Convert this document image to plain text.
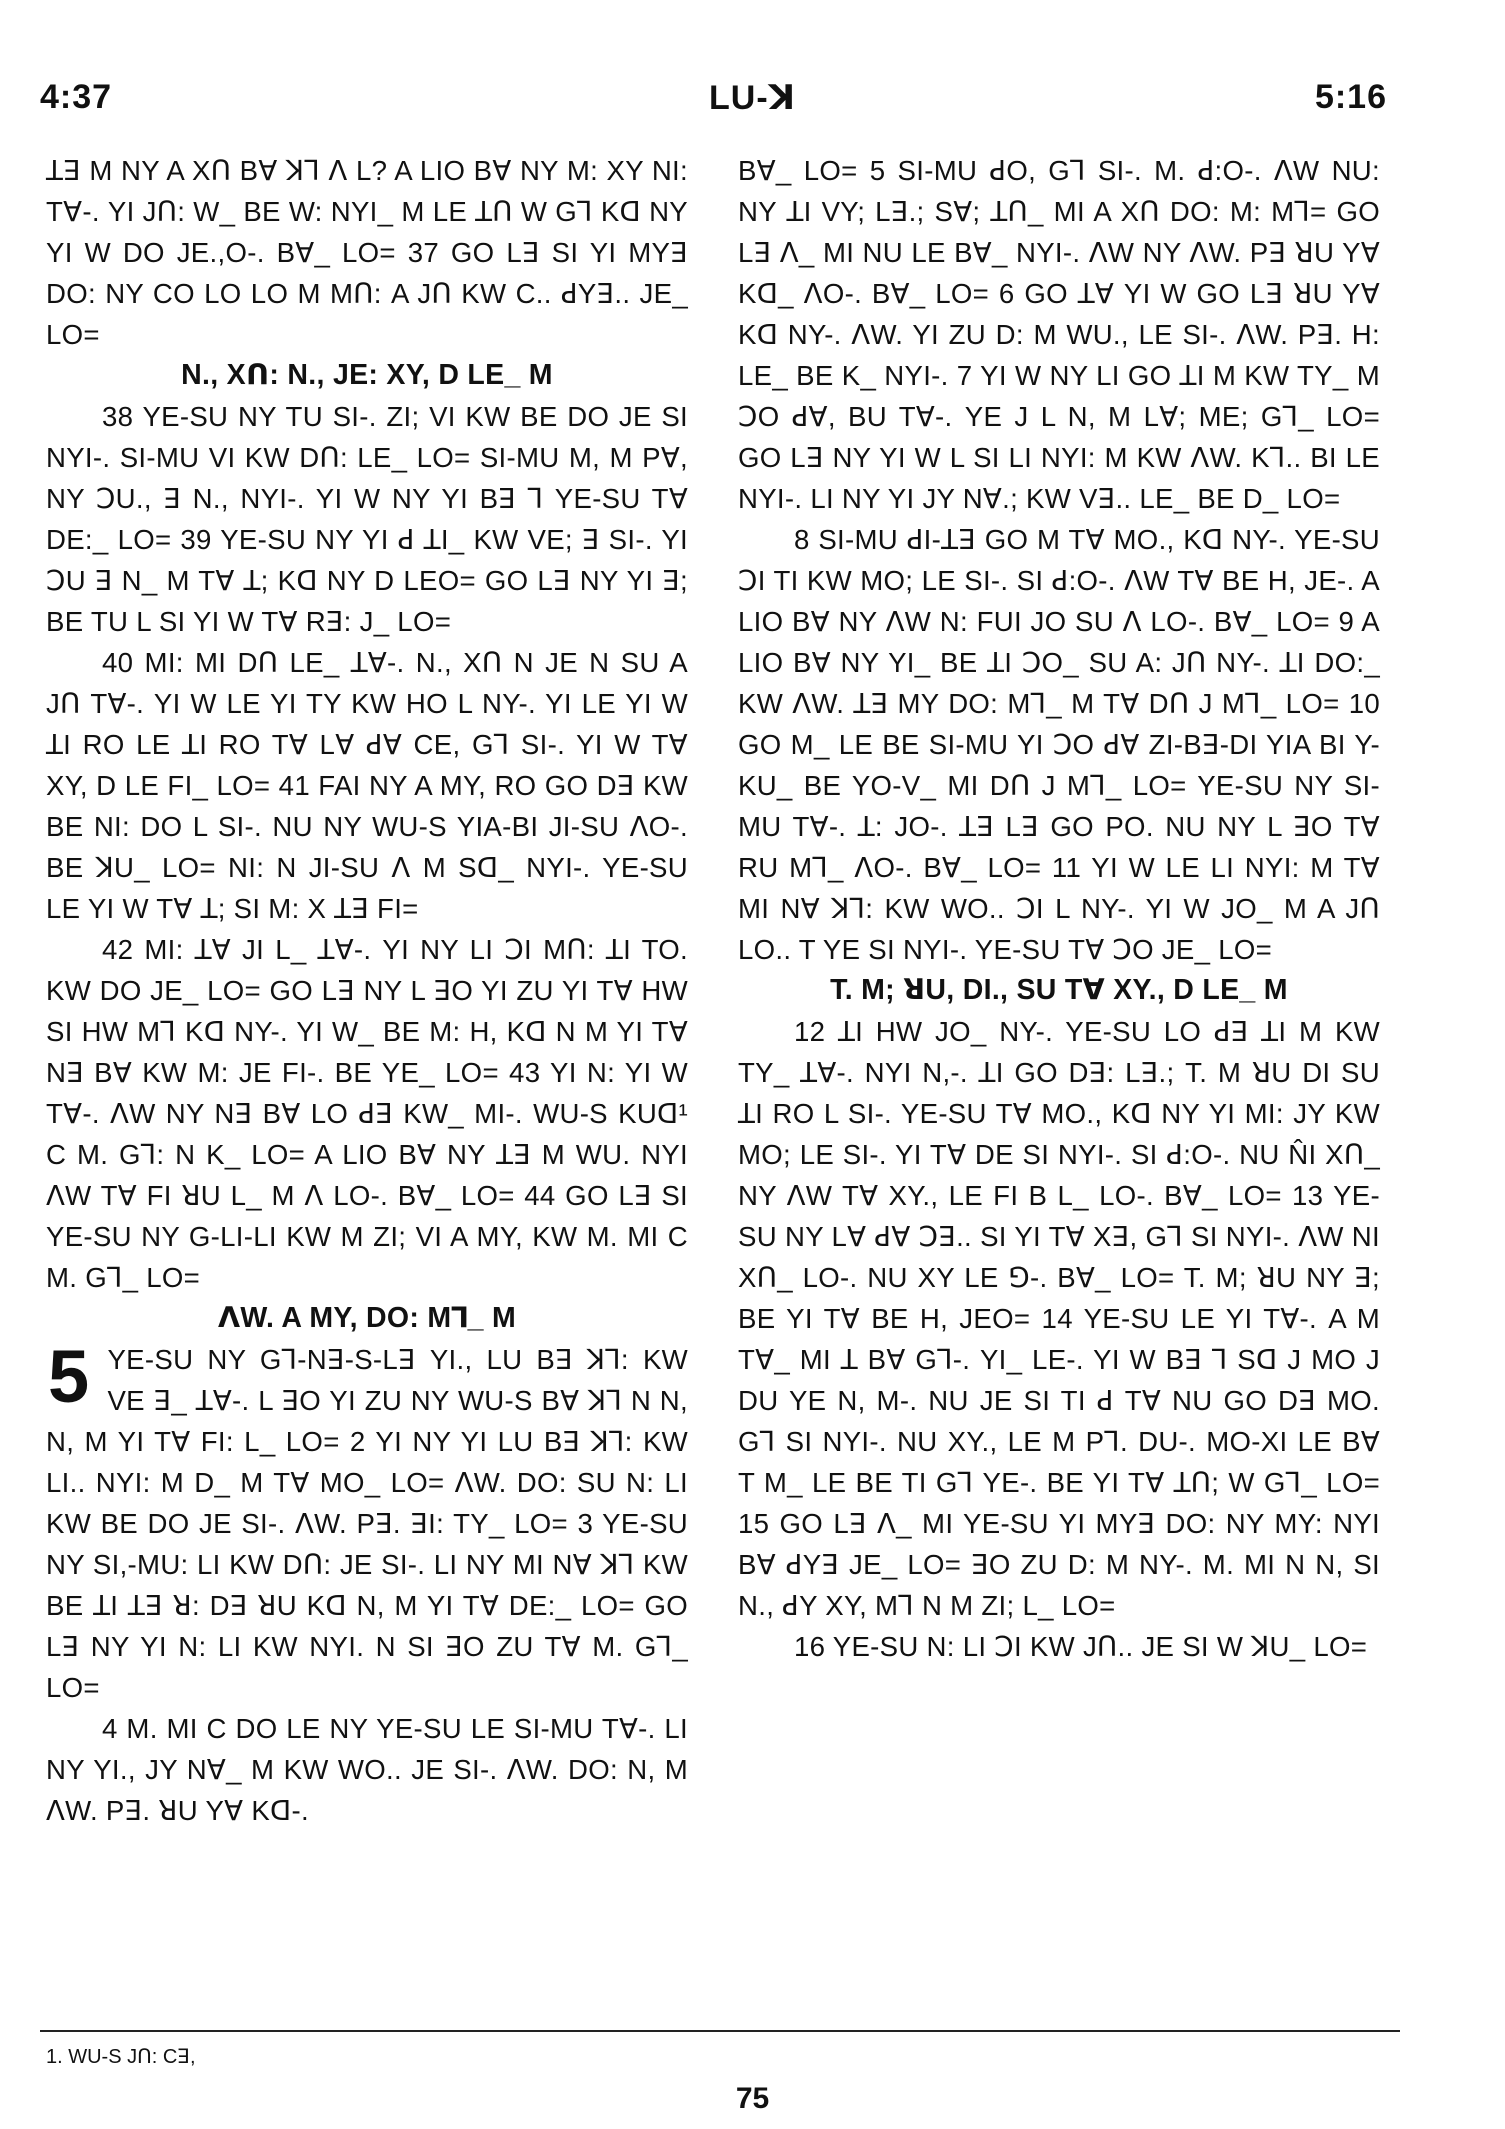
4:37	LU-ꓘ	5:16
ꓕꓱ M NY A Xꓵ Bꓯ ꓘꓶ ꓥ L? A LIO Bꓯ NY M: XY NI: Tꓯ-. YI Jꓵ: W_ BE W: NYI_ M LE ꓕꓵ W Gꓶ Kꓷ NY YI W DO JE.,O-. Bꓯ_ LO= 37 GO Lꓱ SI YI MYꓱ DO: NY CO LO LO M Mꓵ: A Jꓵ KW C.. ꓒYꓱ.. JE_ LO=
N., Xꓵ: N., JE: XY, D LE_ M
38 YE-SU NY TU SI-. ZI; VI KW BE DO JE SI NYI-. SI-MU VI KW Dꓵ: LE_ LO= SI-MU M, M Pꓯ, NY ꓛU., ꓱ N., NYI-. YI W NY YI Bꓱ ꓶ YE-SU Tꓯ DE:_ LO= 39 YE-SU NY YI ꓒ ꓕI_ KW VE; ꓱ SI-. YI ꓛU ꓱ N_ M Tꓯ ꓕ; Kꓷ NY D LEO= GO Lꓱ NY YI ꓱ; BE TU L SI YI W Tꓯ Rꓱ: J_ LO=
40 MI: MI Dꓵ LE_ ꓕꓯ-. N., Xꓵ N JE N SU A Jꓵ Tꓯ-. YI W LE YI TY KW HO L NY-. YI LE YI W ꓕI RO LE ꓕI RO Tꓯ Lꓯ ꓒꓯ CE, Gꓶ SI-. YI W Tꓯ XY, D LE FI_ LO= 41 FAI NY A MY, RO GO Dꓱ KW BE NI: DO L SI-. NU NY WU-S YIA-BI JI-SU ꓥO-. BE ꓘU_ LO= NI: N JI-SU ꓥ M Sꓷ_ NYI-. YE-SU LE YI W Tꓯ ꓕ; SI M: X ꓕꓱ FI=
42 MI: ꓕꓯ JI L_ ꓕꓯ-. YI NY LI ꓛI Mꓵ: ꓕI TO. KW DO JE_ LO= GO Lꓱ NY L ꓱO YI ZU YI Tꓯ HW SI HW Mꓶ Kꓷ NY-. YI W_ BE M: H, Kꓷ N M YI Tꓯ Nꓱ Bꓯ KW M: JE FI-. BE YE_ LO= 43 YI N: YI W Tꓯ-. ꓥW NY Nꓱ Bꓯ LO ꓒꓱ KW_ MI-. WU-S KUꓷ¹ C M. Gꓶ: N K_ LO= A LIO Bꓯ NY ꓕꓱ M WU. NYI ꓥW Tꓯ FI ꓤU L_ M ꓥ LO-. Bꓯ_ LO= 44 GO Lꓱ SI YE-SU NY G-LI-LI KW M ZI; VI A MY, KW M. MI C M. Gꓶ_ LO=
ꓥW. A MY, DO: Mꓶ_ M
5 YE-SU NY Gꓶ-Nꓱ-S-Lꓱ YI., LU Bꓱ ꓘꓶ: KW VE ꓱ_ ꓕꓯ-. L ꓱO YI ZU NY WU-S Bꓯ ꓘꓶ N N, N, M YI Tꓯ FI: L_ LO= 2 YI NY YI LU Bꓱ ꓘꓶ: KW LI.. NYI: M D_ M Tꓯ MO_ LO= ꓥW. DO: SU N: LI KW BE DO JE SI-. ꓥW. Pꓱ. ꓱI: TY_ LO= 3 YE-SU NY SI,-MU: LI KW Dꓵ: JE SI-. LI NY MI Nꓯ ꓘꓶ KW BE ꓕI ꓕꓱ ꓤ: Dꓱ ꓤU Kꓷ N, M YI Tꓯ DE:_ LO= GO Lꓱ NY YI N: LI KW NYI. N SI ꓱO ZU Tꓯ M. Gꓶ_ LO=
4 M. MI C DO LE NY YE-SU LE SI-MU Tꓯ-. LI NY YI., JY Nꓯ_ M KW WO.. JE SI-. ꓥW. DO: N, M ꓥW. Pꓱ. ꓤU Yꓯ Kꓷ-.
Bꓯ_ LO= 5 SI-MU ꓒO, Gꓶ SI-. M. ꓒ:O-. ꓥW NU: NY ꓕI VY; Lꓱ.; Sꓯ; ꓕꓵ_ MI A Xꓵ DO: M: Mꓶ= GO Lꓱ ꓥ_ MI NU LE Bꓯ_ NYI-. ꓥW NY ꓥW. Pꓱ ꓤU Yꓯ Kꓷ_ ꓥO-. Bꓯ_ LO= 6 GO ꓕꓯ YI W GO Lꓱ ꓤU Yꓯ Kꓷ NY-. ꓥW. YI ZU D: M WU., LE SI-. ꓥW. Pꓱ. H: LE_ BE K_ NYI-. 7 YI W NY LI GO ꓕI M KW TY_ M ꓛO ꓒꓯ, BU Tꓯ-. YE J L N, M Lꓯ; ME; Gꓶ_ LO= GO Lꓱ NY YI W L SI LI NYI: M KW ꓥW. Kꓶ.. BI LE NYI-. LI NY YI JY Nꓯ.; KW Vꓱ.. LE_ BE D_ LO=
8 SI-MU ꓒI-ꓕꓱ GO M Tꓯ MO., Kꓷ NY-. YE-SU ꓛI TI KW MO; LE SI-. SI ꓒ:O-. ꓥW Tꓯ BE H, JE-. A LIO Bꓯ NY ꓥW N: FUI JO SU ꓥ LO-. Bꓯ_ LO= 9 A LIO Bꓯ NY YI_ BE ꓕI ꓛO_ SU A: Jꓵ NY-. ꓕI DO:_ KW ꓥW. ꓕꓱ MY DO: Mꓶ_ M Tꓯ Dꓵ J Mꓶ_ LO= 10 GO M_ LE BE SI-MU YI ꓛO ꓒꓯ ZI-Bꓱ-DI YIA BI Y-KU_ BE YO-V_ MI Dꓵ J Mꓶ_ LO= YE-SU NY SI-MU Tꓯ-. ꓕ: JO-. ꓕꓱ Lꓱ GO PO. NU NY L ꓱO Tꓯ RU Mꓶ_ ꓥO-. Bꓯ_ LO= 11 YI W LE LI NYI: M Tꓯ MI Nꓯ ꓘꓶ: KW WO.. ꓛI L NY-. YI W JO_ M A Jꓵ LO.. T YE SI NYI-. YE-SU Tꓯ ꓛO JE_ LO=
T. M; ꓤU, DI., SU Tꓯ XY., D LE_ M
12 ꓕI HW JO_ NY-. YE-SU LO ꓒꓱ ꓕI M KW TY_ ꓕꓯ-. NYI N,-. ꓕI GO Dꓱ: Lꓱ.; T. M ꓤU DI SU ꓕI RO L SI-. YE-SU Tꓯ MO., Kꓷ NY YI MI: JY KW MO; LE SI-. YI Tꓯ DE SI NYI-. SI ꓒ:O-. NU N̂I Xꓵ_ NY ꓥW Tꓯ XY., LE FI B L_ LO-. Bꓯ_ LO= 13 YE-SU NY Lꓯ ꓒꓯ ꓛꓱ.. SI YI Tꓯ Xꓱ, Gꓶ SI NYI-. ꓥW NI Xꓵ_ LO-. NU XY LE ꓨ-. Bꓯ_ LO= T. M; ꓤU NY ꓱ; BE YI Tꓯ BE H, JEO= 14 YE-SU LE YI Tꓯ-. A M Tꓯ_ MI ꓕ Bꓯ Gꓶ-. YI_ LE-. YI W Bꓱ ꓶ Sꓷ J MO J DU YE N, M-. NU JE SI TI ꓒ Tꓯ NU GO Dꓱ MO. Gꓶ SI NYI-. NU XY., LE M Pꓶ. DU-. MO-XI LE Bꓯ T M_ LE BE TI Gꓶ YE-. BE YI Tꓯ ꓕꓵ; W Gꓶ_ LO= 15 GO Lꓱ ꓥ_ MI YE-SU YI MYꓱ DO: NY MY: NYI Bꓯ ꓒYꓱ JE_ LO= ꓱO ZU D: M NY-. M. MI N N, SI N., ꓒY XY, Mꓶ N M ZI; L_ LO=
16 YE-SU N: LI ꓛI KW Jꓵ.. JE SI W ꓘU_ LO=
1. WU-S Jꓵ: Cꓱ,
75
